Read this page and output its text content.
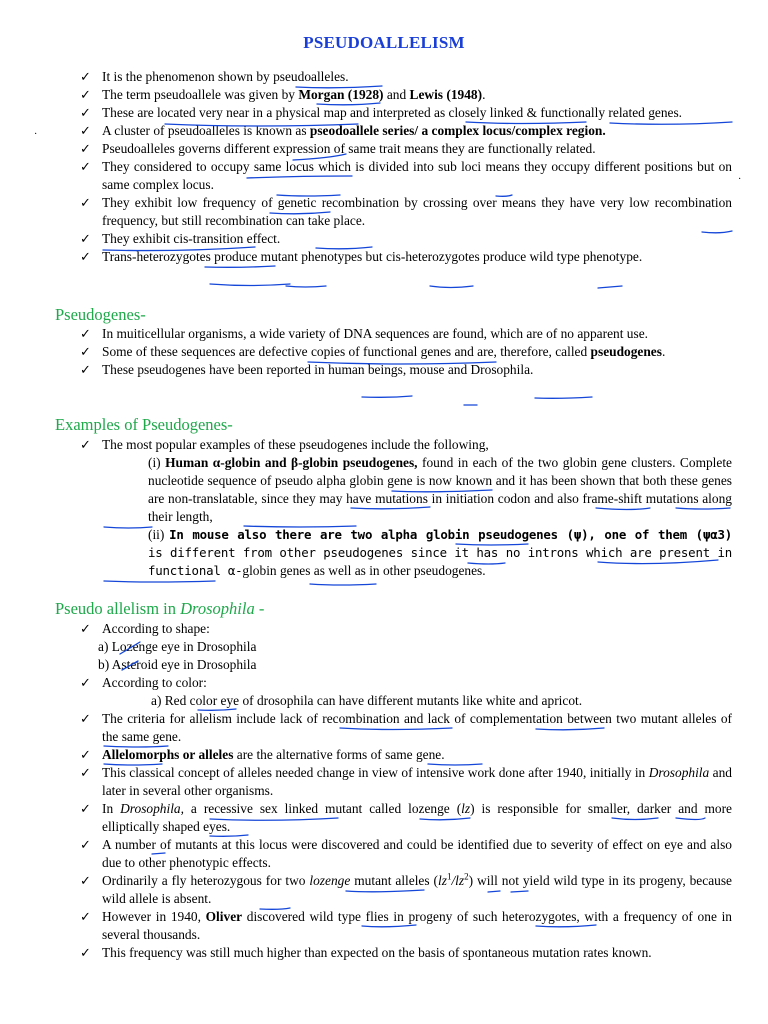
PSEUDOALLELISM
·
·
✓ It is the phenomenon shown by pseudoalleles.
✓ The term pseudoallele was given by Morgan (1928) and Lewis (1948).
✓ These are located very near in a physical map and interpreted as closely linked & functionally related genes.
✓ A cluster of pseudoalleles is known as pseodoallele series/ a complex locus/complex region.
✓ Pseudoalleles governs different expression of same trait means they are functionally related.
✓ They considered to occupy same locus which is divided into sub loci means they occupy different positions but on same complex locus.
✓ They exhibit low frequency of genetic recombination by crossing over means they have very low recombination frequency, but still recombination can take place.
✓ They exhibit cis-transition effect.
✓ Trans-heterozygotes produce mutant phenotypes but cis-heterozygotes produce wild type phenotype.
Pseudogenes-
✓ In muiticellular organisms, a wide variety of DNA sequences are found, which are of no apparent use.
✓ Some of these sequences are defective copies of functional genes and are, therefore, called pseudogenes.
✓ These pseudogenes have been reported in human beings, mouse and Drosophila.
Examples of Pseudogenes-
✓ The most popular examples of these pseudogenes include the following,
(i) Human α-globin and β-globin pseudogenes, found in each of the two globin gene clusters. Complete nucleotide sequence of pseudo alpha globin gene is now known and it has been shown that both these genes are non-translatable, since they may have mutations in initiation codon and also frame-shift mutations along their length,
(ii) In mouse also there are two alpha globin pseudogenes (ψ), one of them (ψα3) is different from other pseudogenes since it has no introns which are present in functional α-globin genes as well as in other pseudogenes.
Pseudo allelism in Drosophila -
✓ According to shape:
a) Lozenge eye in Drosophila
b) Asteroid eye in Drosophila
✓ According to color:
a) Red color eye of drosophila can have different mutants like white and apricot.
✓ The criteria for allelism include lack of recombination and lack of complementation between two mutant alleles of the same gene.
✓ Allelomorphs or alleles are the alternative forms of same gene.
✓ This classical concept of alleles needed change in view of intensive work done after 1940, initially in Drosophila and later in several other organisms.
✓ In Drosophila, a recessive sex linked mutant called lozenge (lz) is responsible for smaller, darker and more elliptically shaped eyes.
✓ A number of mutants at this locus were discovered and could be identified due to severity of effect on eye and also due to other phenotypic effects.
✓ Ordinarily a fly heterozygous for two lozenge mutant alleles $(lz^1/lz^2)$ will not yield wild type in its progeny, because wild allele is absent.
✓ However in 1940, Oliver discovered wild type flies in progeny of such heterozygotes, with a frequency of one in several thousands.
✓ This frequency was still much higher than expected on the basis of spontaneous mutation rates known.
